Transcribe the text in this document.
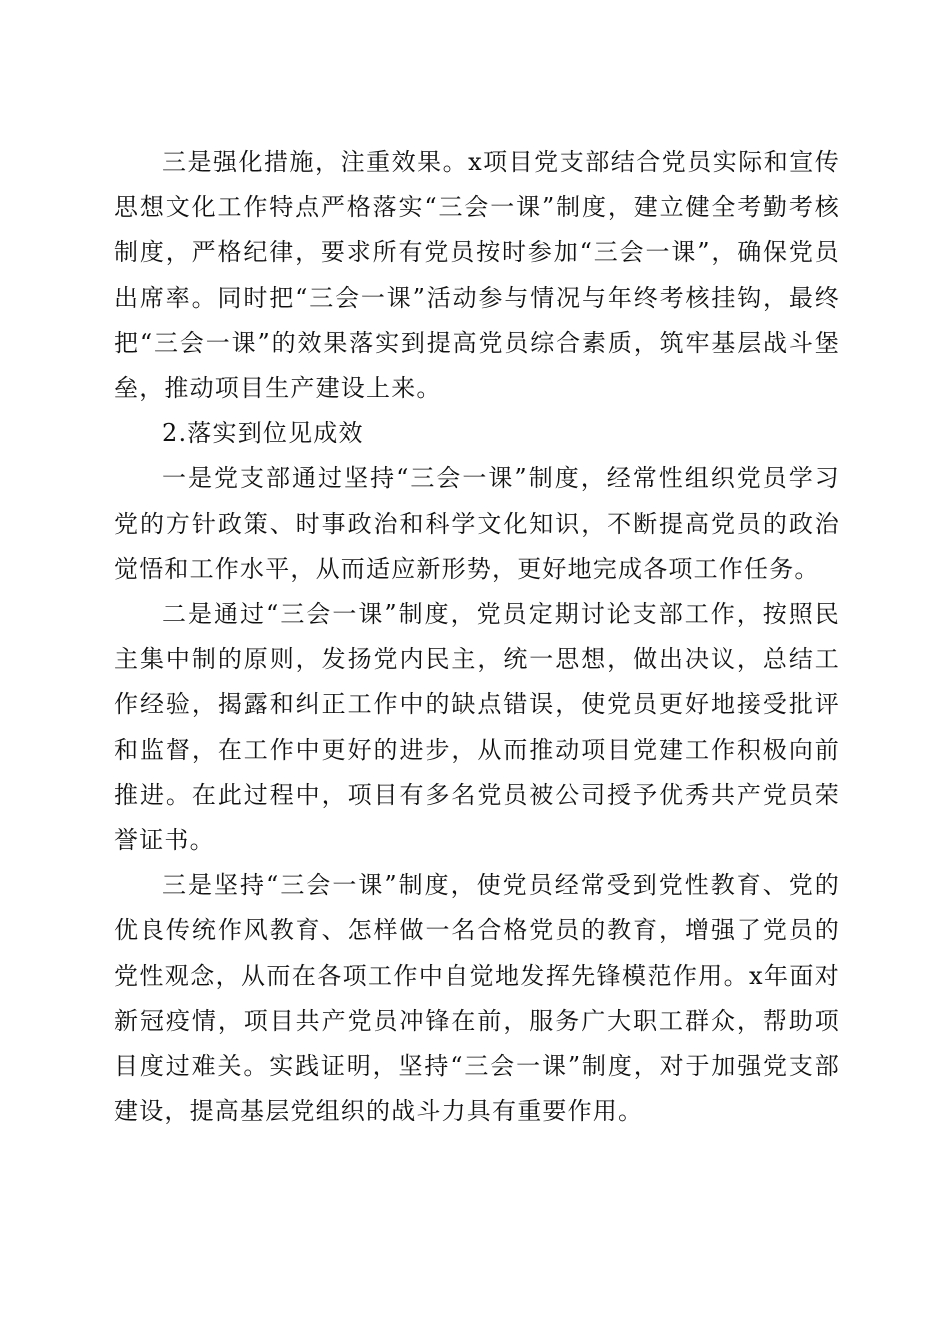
三是强化措施，注重效果。x项目党支部结合党员实际和宣传思想文化工作特点严格落实“三会一课”制度，建立健全考勤考核制度，严格纪律，要求所有党员按时参加“三会一课”，确保党员出席率。同时把“三会一课”活动参与情况与年终考核挂钩，最终把“三会一课”的效果落实到提高党员综合素质，筑牢基层战斗堡垒，推动项目生产建设上来。

2.落实到位见成效

一是党支部通过坚持“三会一课”制度，经常性组织党员学习党的方针政策、时事政治和科学文化知识，不断提高党员的政治觉悟和工作水平，从而适应新形势，更好地完成各项工作任务。

二是通过“三会一课”制度，党员定期讨论支部工作，按照民主集中制的原则，发扬党内民主，统一思想，做出决议，总结工作经验，揭露和纠正工作中的缺点错误，使党员更好地接受批评和监督，在工作中更好的进步，从而推动项目党建工作积极向前推进。在此过程中，项目有多名党员被公司授予优秀共产党员荣誉证书。

三是坚持“三会一课”制度，使党员经常受到党性教育、党的优良传统作风教育、怎样做一名合格党员的教育，增强了党员的党性观念，从而在各项工作中自觉地发挥先锋模范作用。x年面对新冠疫情，项目共产党员冲锋在前，服务广大职工群众，帮助项目度过难关。实践证明，坚持“三会一课”制度，对于加强党支部建设，提高基层党组织的战斗力具有重要作用。
